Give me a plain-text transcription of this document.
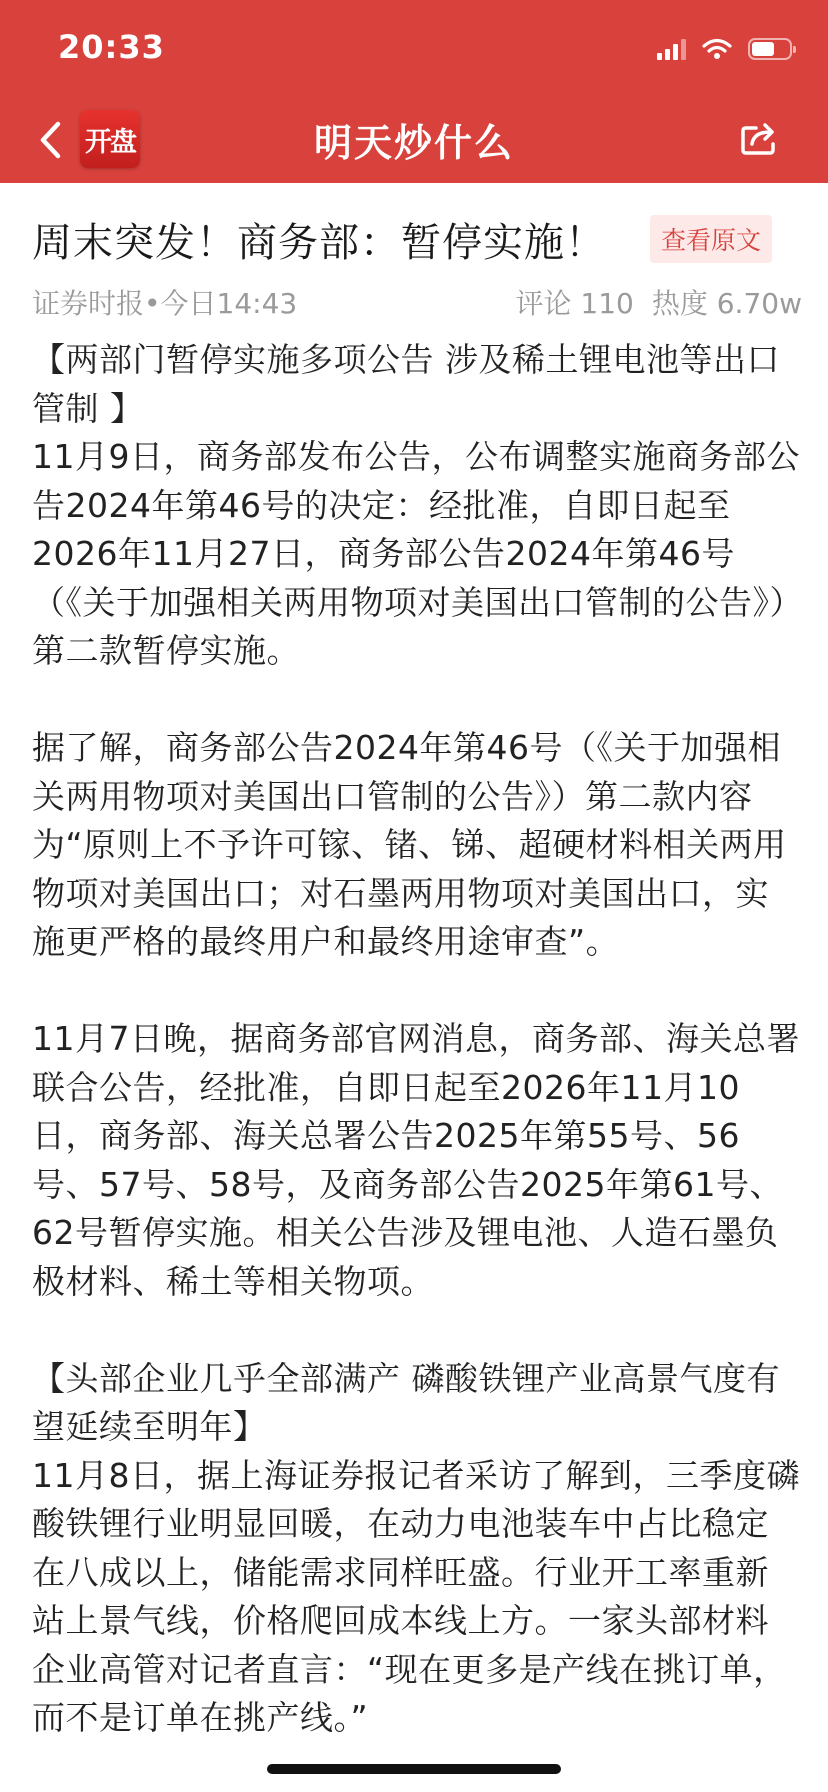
20:33
开盘	明天炒什么
周末突发！商务部：暂停实施！	查看原文
证券时报•今日14:43	评论 110 热度 6.70w

【两部门暂停实施多项公告 涉及稀土锂电池等出口管制 】

11月9日，商务部发布公告，公布调整实施商务部公告2024年第46号的决定：经批准，自即日起至2026年11月27日，商务部公告2024年第46号（《关于加强相关两用物项对美国出口管制的公告》）第二款暂停实施。

据了解，商务部公告2024年第46号（《关于加强相关两用物项对美国出口管制的公告》）第二款内容为“原则上不予许可镓、锗、锑、超硬材料相关两用物项对美国出口；对石墨两用物项对美国出口，实施更严格的最终用户和最终用途审查”。

11月7日晚，据商务部官网消息，商务部、海关总署联合公告，经批准，自即日起至2026年11月10日，商务部、海关总署公告2025年第55号、56号、57号、58号，及商务部公告2025年第61号、62号暂停实施。相关公告涉及锂电池、人造石墨负极材料、稀土等相关物项。

【头部企业几乎全部满产 磷酸铁锂产业高景气度有望延续至明年】

11月8日，据上海证券报记者采访了解到，三季度磷酸铁锂行业明显回暖，在动力电池装车中占比稳定在八成以上，储能需求同样旺盛。行业开工率重新站上景气线，价格爬回成本线上方。一家头部材料企业高管对记者直言：“现在更多是产线在挑订单，而不是订单在挑产线。”
